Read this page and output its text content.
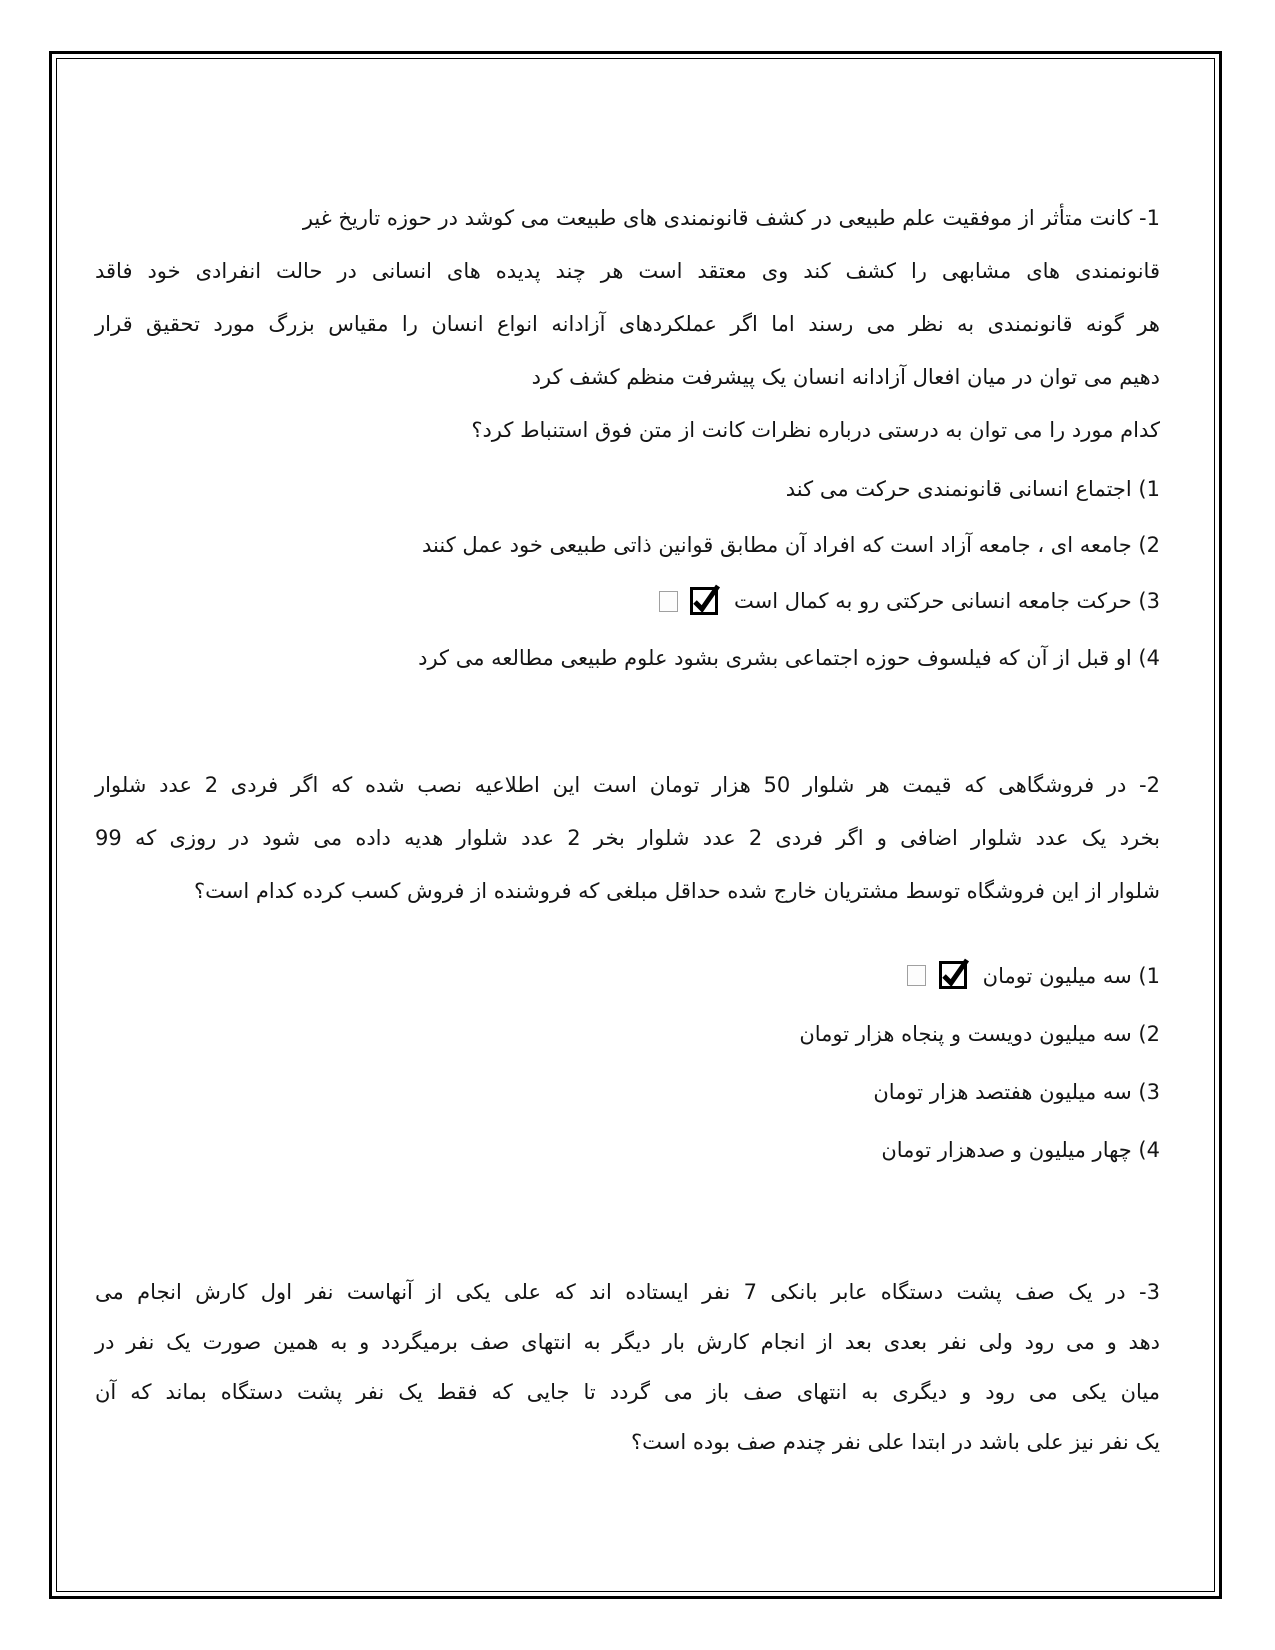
1- کانت متأثر از موفقیت علم طبیعی در کشف قانونمندی های طبیعت می کوشد در حوزه تاریخ غیر
قانونمندی های مشابهی را کشف کند وی معتقد است هر چند پدیده های انسانی در حالت انفرادی خود فاقد
هر گونه قانونمندی به نظر می رسند اما اگر عملکردهای آزادانه انواع انسان را مقیاس بزرگ مورد تحقیق قرار
دهیم می توان در میان افعال آزادانه انسان یک پیشرفت منظم کشف کرد
کدام مورد را می توان به درستی درباره نظرات کانت از متن فوق استنباط کرد؟
1) اجتماع انسانی قانونمندی حرکت می کند
2) جامعه ای ، جامعه آزاد است که افراد آن مطابق قوانین ذاتی طبیعی خود عمل کنند
3) حرکت جامعه انسانی حرکتی رو به کمال است

4) او قبل از آن که فیلسوف حوزه اجتماعی بشری بشود علوم طبیعی مطالعه می کرد
2- در فروشگاهی که قیمت هر شلوار 50 هزار تومان است این اطلاعیه نصب شده که اگر فردی 2 عدد شلوار
بخرد یک عدد شلوار اضافی و اگر فردی 2 عدد شلوار بخر 2 عدد شلوار هدیه داده می شود در روزی که 99
شلوار از این فروشگاه توسط مشتریان خارج شده حداقل مبلغی که فروشنده از فروش کسب کرده کدام است؟
1) سه میلیون تومان

2) سه میلیون دویست و پنجاه هزار تومان
3) سه میلیون هفتصد هزار تومان
4) چهار میلیون و صدهزار تومان
3- در یک صف پشت دستگاه عابر بانکی 7 نفر ایستاده اند که علی یکی از آنهاست نفر اول کارش انجام می
دهد و می رود ولی نفر بعدی بعد از انجام کارش بار دیگر به انتهای صف برمیگردد و به همین صورت یک نفر در
میان یکی می رود و دیگری به انتهای صف باز می گردد تا جایی که فقط یک نفر پشت دستگاه بماند که آن
یک نفر نیز علی باشد در ابتدا علی نفر چندم صف بوده است؟
